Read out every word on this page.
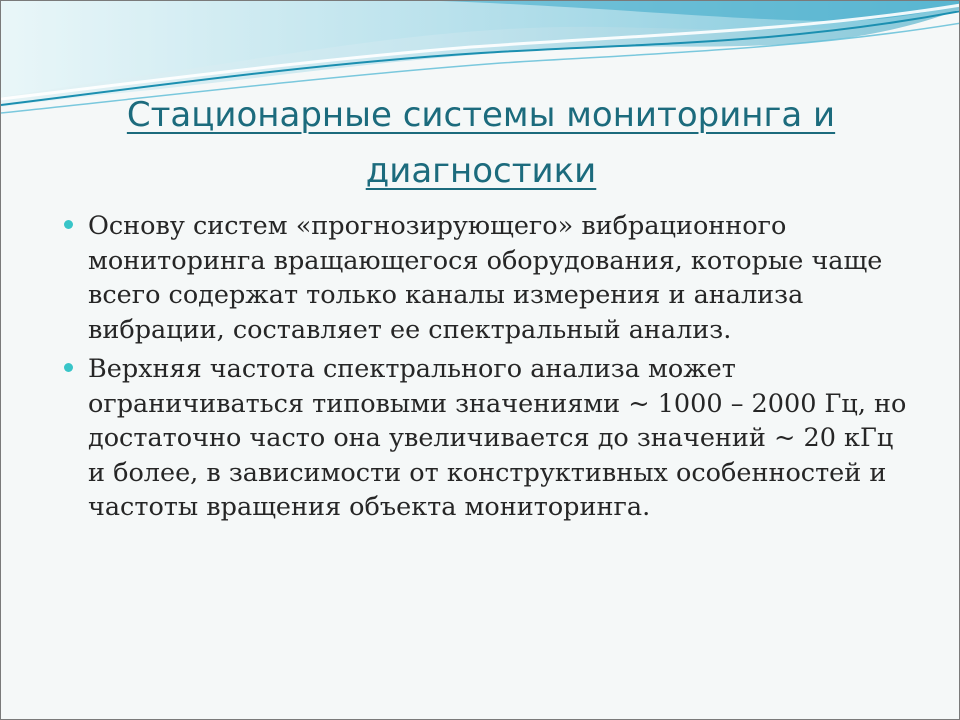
Стационарные системы мониторинга и диагностики
Основу систем «прогнозирующего» вибрационного мониторинга вращающегося оборудования, которые чаще всего содержат только каналы измерения и анализа вибрации, составляет ее спектральный анализ.
Верхняя частота спектрального анализа может ограничиваться типовыми значениями ~ 1000 – 2000 Гц, но достаточно часто она увеличивается до значений ~ 20 кГц и более, в зависимости от конструктивных особенностей и частоты вращения объекта мониторинга.
